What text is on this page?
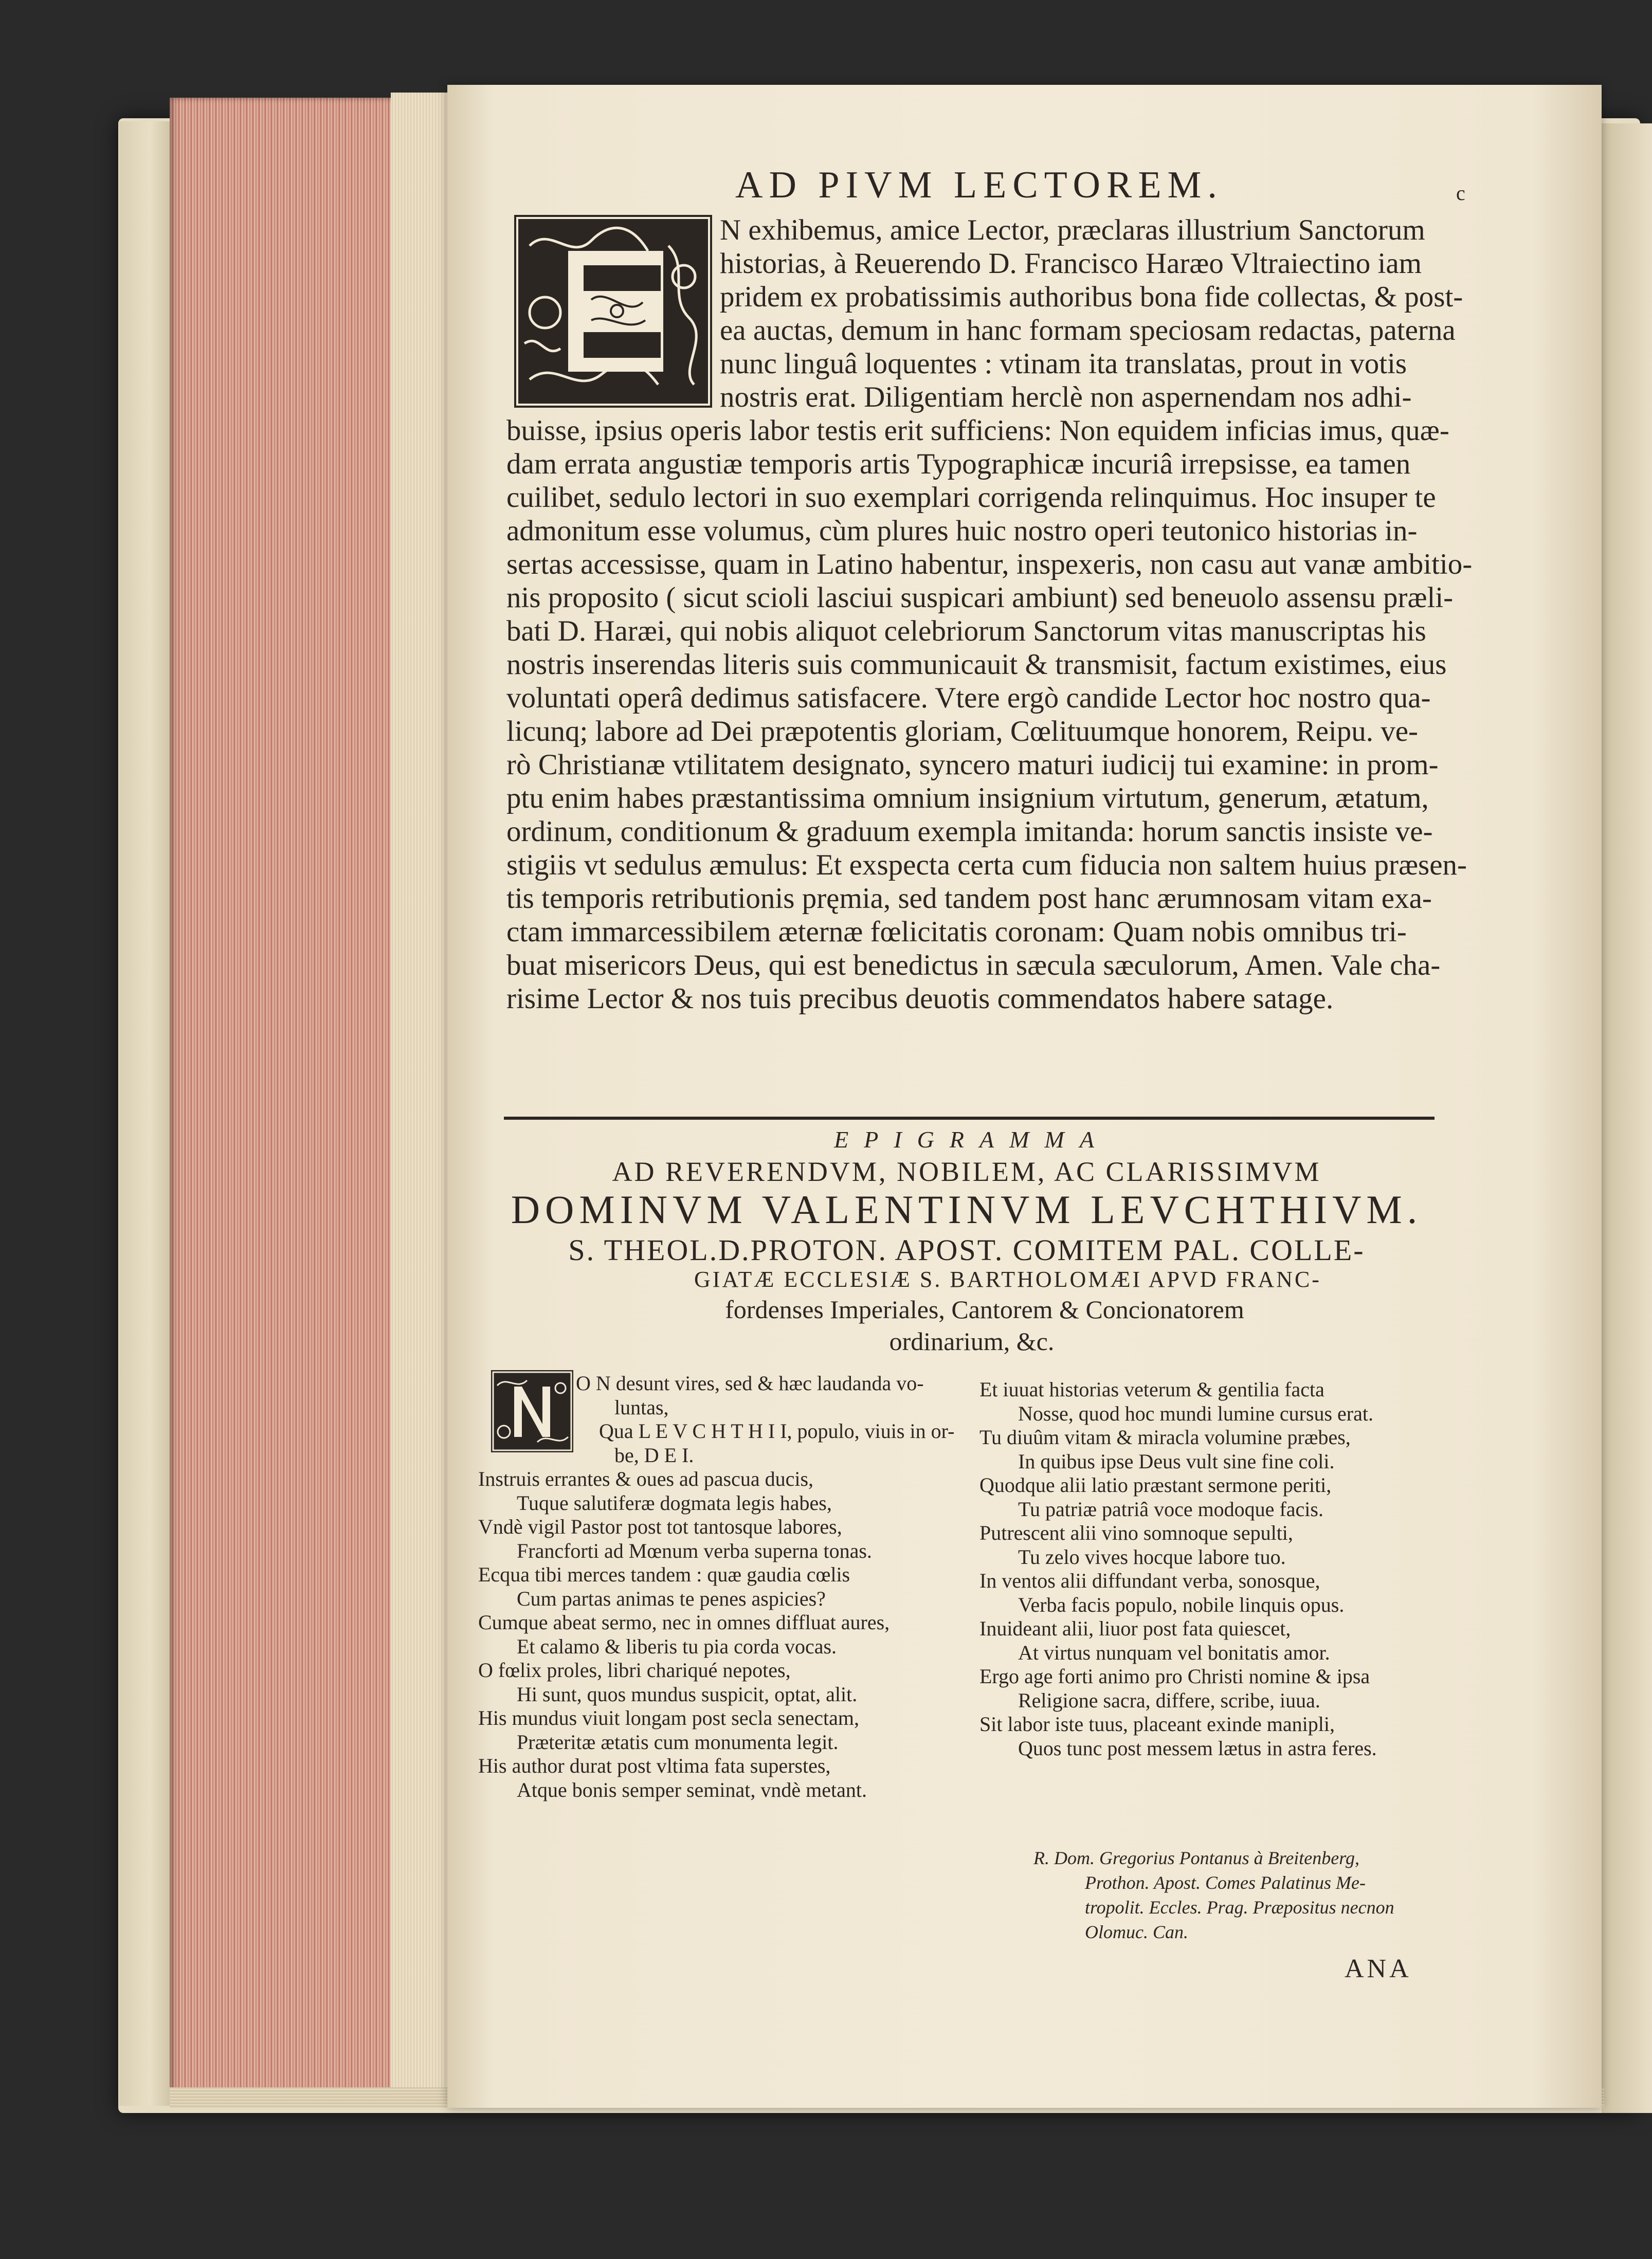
AD PIVM LECTOREM.	c
N exhibemus, amice Lector, præclaras illustrium Sanctorum
historias, à Reuerendo D. Francisco Haræo Vltraiectino iam
pridem ex probatissimis authoribus bona fide collectas, & post-
ea auctas, demum in hanc formam speciosam redactas, paterna
nunc linguâ loquentes : vtinam ita translatas, prout in votis
nostris erat. Diligentiam herclè non aspernendam nos adhi-
buisse, ipsius operis labor testis erit sufficiens: Non equidem inficias imus, quæ-
dam errata angustiæ temporis artis Typographicæ incuriâ irrepsisse, ea tamen
cuilibet, sedulo lectori in suo exemplari corrigenda relinquimus. Hoc insuper te
admonitum esse volumus, cùm plures huic nostro operi teutonico historias in-
sertas accessisse, quam in Latino habentur, inspexeris, non casu aut vanæ ambitio-
nis proposito ( sicut scioli lasciui suspicari ambiunt) sed beneuolo assensu præli-
bati D. Haræi, qui nobis aliquot celebriorum Sanctorum vitas manuscriptas his
nostris inserendas literis suis communicauit & transmisit, factum existimes, eius
voluntati operâ dedimus satisfacere. Vtere ergò candide Lector hoc nostro qua-
licunq; labore ad Dei præpotentis gloriam, Cœlituumque honorem, Reipu. ve-
rò Christianæ vtilitatem designato, syncero maturi iudicij tui examine: in prom-
ptu enim habes præstantissima omnium insignium virtutum, generum, ætatum,
ordinum, conditionum & graduum exempla imitanda: horum sanctis insiste ve-
stigiis vt sedulus æmulus: Et exspecta certa cum fiducia non saltem huius præsen-
tis temporis retributionis pręmia, sed tandem post hanc ærumnosam vitam exa-
ctam immarcessibilem æternæ fœlicitatis coronam: Quam nobis omnibus tri-
buat misericors Deus, qui est benedictus in sæcula sæculorum, Amen. Vale cha-
risime Lector & nos tuis precibus deuotis commendatos habere satage.
EPIGRAMMA
AD REVERENDVM, NOBILEM, AC CLARISSIMVM
DOMINVM VALENTINVM LEVCHTHIVM.
S. THEOL.D.PROTON. APOST. COMITEM PAL. COLLE-
GIATÆ ECCLESIÆ S. BARTHOLOMÆI APVD FRANC-
fordenses Imperiales, Cantorem & Concionatorem
ordinarium, &c.
O N desunt vires, sed & hæc laudanda vo-
luntas,
Qua L E V C H T H I I, populo, viuis in or-
be, D E I.
Instruis errantes & oues ad pascua ducis,
Tuque salutiferæ dogmata legis habes,
Vndè vigil Pastor post tot tantosque labores,
Francforti ad Mœnum verba superna tonas.
Ecqua tibi merces tandem : quæ gaudia cœlis
Cum partas animas te penes aspicies?
Cumque abeat sermo, nec in omnes diffluat aures,
Et calamo & liberis tu pia corda vocas.
O fœlix proles, libri chariqué nepotes,
Hi sunt, quos mundus suspicit, optat, alit.
His mundus viuit longam post secla senectam,
Præteritæ ætatis cum monumenta legit.
His author durat post vltima fata superstes,
Atque bonis semper seminat, vndè metant.
Et iuuat historias veterum & gentilia facta
Nosse, quod hoc mundi lumine cursus erat.
Tu diuûm vitam & miracla volumine præbes,
In quibus ipse Deus vult sine fine coli.
Quodque alii latio præstant sermone periti,
Tu patriæ patriâ voce modoque facis.
Putrescent alii vino somnoque sepulti,
Tu zelo vives hocque labore tuo.
In ventos alii diffundant verba, sonosque,
Verba facis populo, nobile linquis opus.
Inuideant alii, liuor post fata quiescet,
At virtus nunquam vel bonitatis amor.
Ergo age forti animo pro Christi nomine & ipsa
Religione sacra, differe, scribe, iuua.
Sit labor iste tuus, placeant exinde manipli,
Quos tunc post messem lætus in astra feres.
R. Dom. Gregorius Pontanus à Breitenberg,
Prothon. Apost. Comes Palatinus Me-
tropolit. Eccles. Prag. Præpositus necnon
Olomuc. Can.
ANA
